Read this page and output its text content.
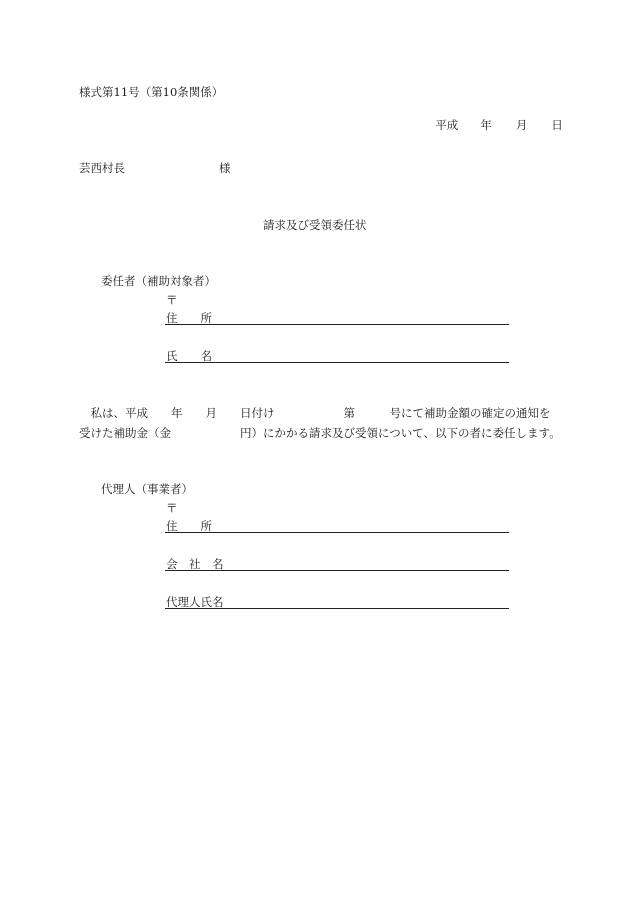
様式第11号（第10条関係）

平成 年 月 日

芸西村長	様
請求及び受領委任状
委任者（補助対象者）
〒
住　　所
氏　　名
　私は、平成　　年　　月　　日付け　　　　　　第　　　号にて補助金額の確定の通知を
受けた補助金（金　　　　　　円）にかかる請求及び受領について、以下の者に委任します。
代理人（事業者）
〒
住　　所
会　社　名
代理人氏名
